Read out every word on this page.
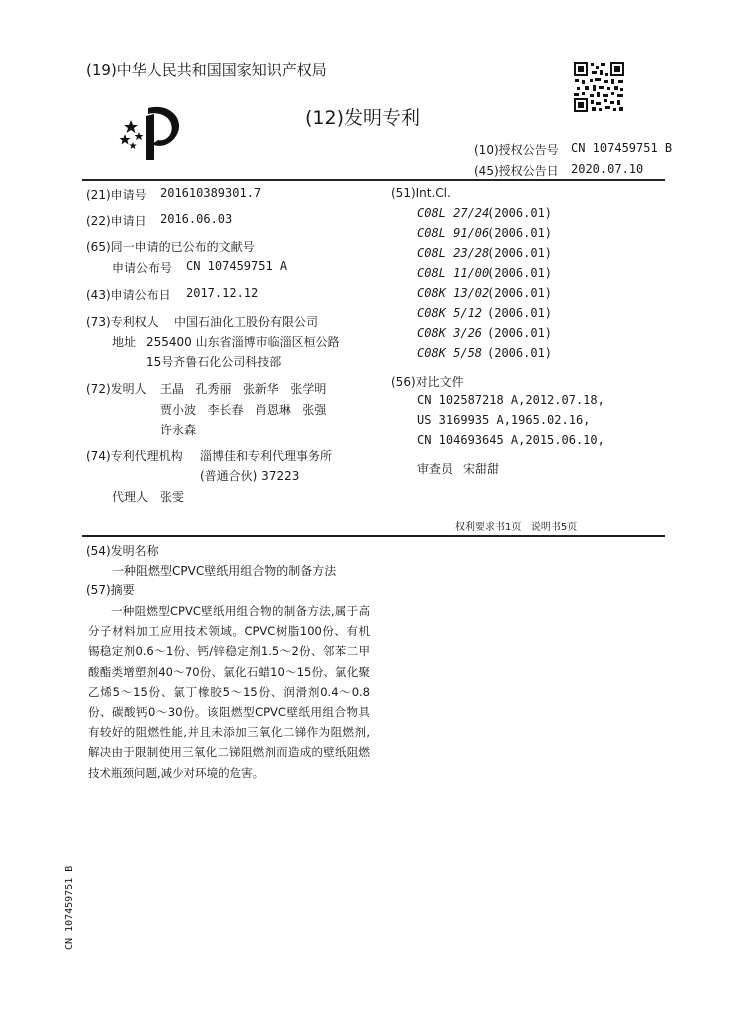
(19)中华人民共和国国家知识产权局
(12)发明专利
(10)授权公告号 CN 107459751 B
(45)授权公告日 2020.07.10
(21)申请号 201610389301.7
(22)申请日 2016.06.03
(65)同一申请的已公布的文献号
申请公布号 CN 107459751 A
(43)申请公布日 2017.12.12
(73)专利权人 中国石油化工股份有限公司
地址 255400 山东省淄博市临淄区桓公路
15号齐鲁石化公司科技部
(72)发明人 王晶   孔秀丽   张新华   张学明
贾小波   李长春   肖恩琳   张强
许永森
(74)专利代理机构 淄博佳和专利代理事务所
(普通合伙) 37223
代理人 张雯
(51)Int.Cl.
C08L 27/24
(2006.01)
C08L 91/06
(2006.01)
C08L 23/28
(2006.01)
C08L 11/00
(2006.01)
C08K 13/02
(2006.01)
C08K 5/12 (2006.01)
C08K 3/26 (2006.01)
C08K 5/58 (2006.01)
(56)对比文件
CN 102587218 A,2012.07.18,
US 3169935 A,1965.02.16,
CN 104693645 A,2015.06.10,
审查员 宋甜甜
权利要求书1页   说明书5页
(54)发明名称
一种阻燃型CPVC壁纸用组合物的制备方法
(57)摘要

一种阻燃型CPVC壁纸用组合物的制备方法,属于高分子材料加工应用技术领域。CPVC树脂100份、有机锡稳定剂0.6～1份、钙/锌稳定剂1.5～2份、邻苯二甲酸酯类增塑剂40～70份、氯化石蜡10～15份、氯化聚乙烯5～15份、氯丁橡胶5～15份、润滑剂0.4～0.8份、碳酸钙0～30份。该阻燃型CPVC壁纸用组合物具有较好的阻燃性能,并且未添加三氧化二锑作为阻燃剂,解决由于限制使用三氧化二锑阻燃剂而造成的壁纸阻燃技术瓶颈问题,减少对环境的危害。

CN 107459751 B
